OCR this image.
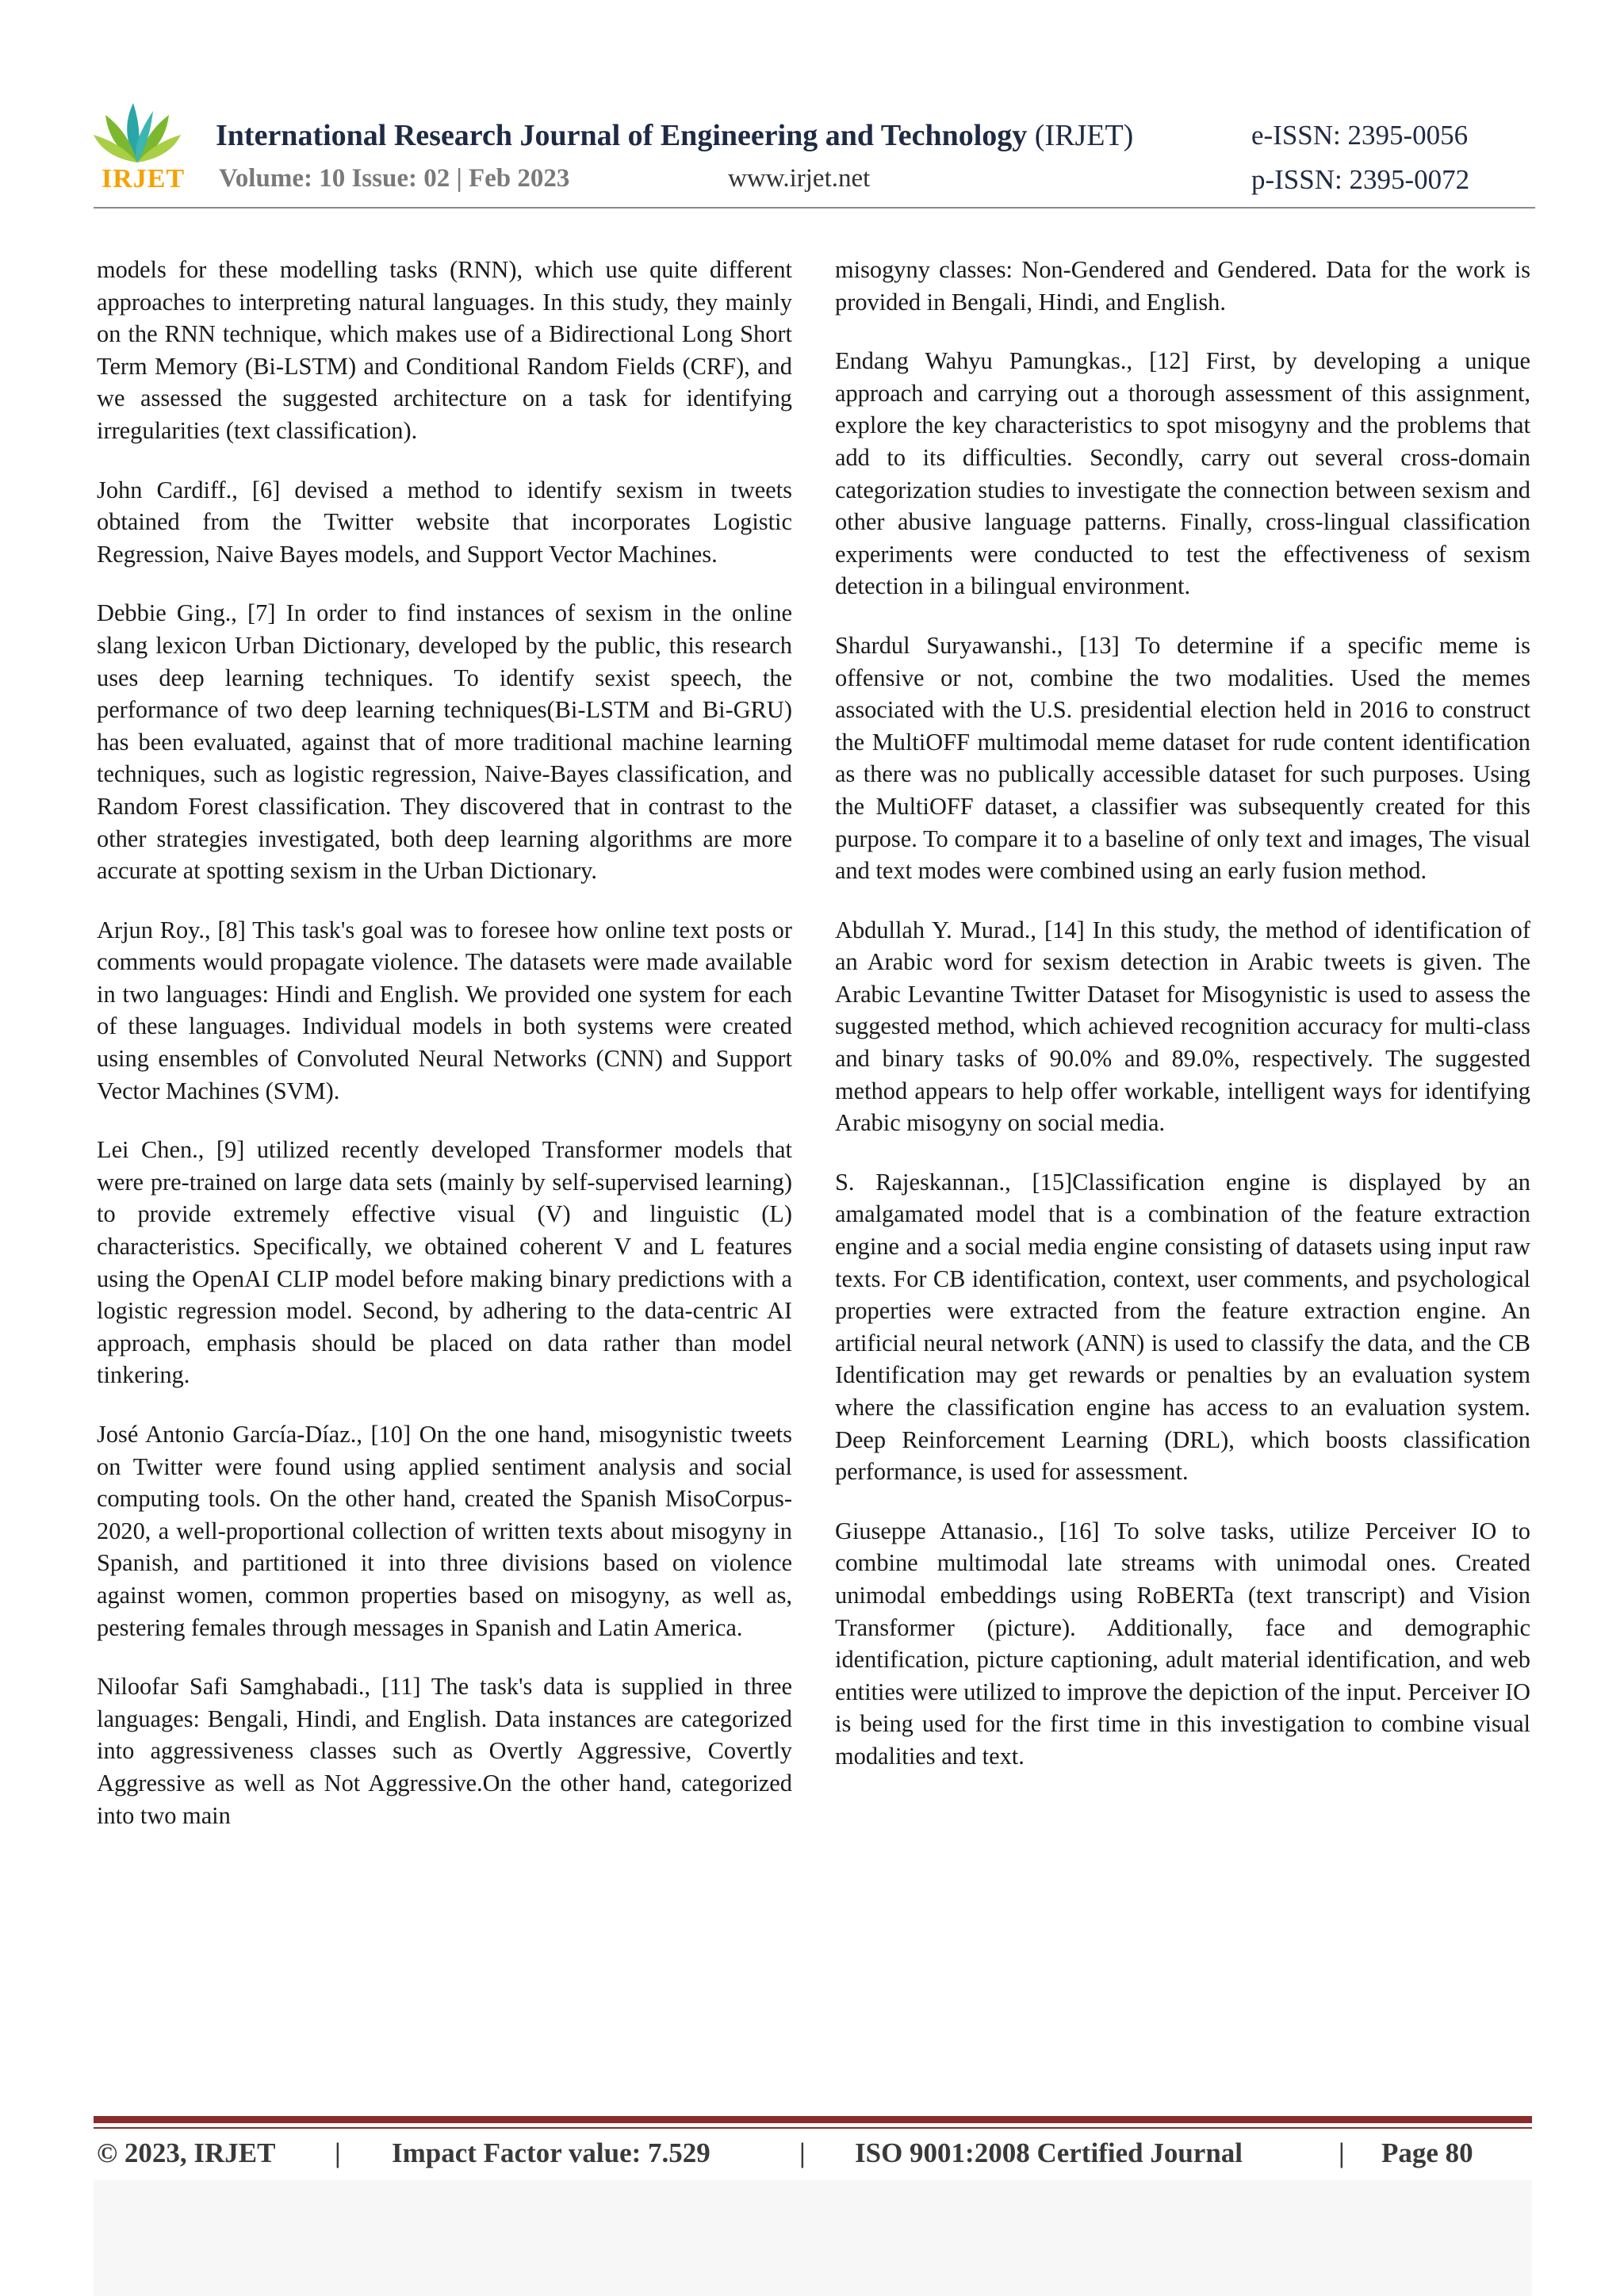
IRJET
International Research Journal of Engineering and Technology (IRJET)	e-ISSN: 2395-0056
Volume: 10 Issue: 02 | Feb 2023	www.irjet.net	p-ISSN: 2395-0072

models for these modelling tasks (RNN), which use quite different approaches to interpreting natural languages. In this study, they mainly on the RNN technique, which makes use of a Bidirectional Long Short Term Memory (Bi-LSTM) and Conditional Random Fields (CRF), and we assessed the suggested architecture on a task for identifying irregularities (text classification).

John Cardiff., [6] devised a method to identify sexism in tweets obtained from the Twitter website that incorporates Logistic Regression, Naive Bayes models, and Support Vector Machines.

Debbie Ging., [7] In order to find instances of sexism in the online slang lexicon Urban Dictionary, developed by the public, this research uses deep learning techniques. To identify sexist speech, the performance of two deep learning techniques(Bi-LSTM and Bi-GRU) has been evaluated, against that of more traditional machine learning techniques, such as logistic regression, Naive-Bayes classification, and Random Forest classification. They discovered that in contrast to the other strategies investigated, both deep learning algorithms are more accurate at spotting sexism in the Urban Dictionary.

Arjun Roy., [8] This task's goal was to foresee how online text posts or comments would propagate violence. The datasets were made available in two languages: Hindi and English. We provided one system for each of these languages. Individual models in both systems were created using ensembles of Convoluted Neural Networks (CNN) and Support Vector Machines (SVM).

Lei Chen., [9] utilized recently developed Transformer models that were pre-trained on large data sets (mainly by self-supervised learning) to provide extremely effective visual (V) and linguistic (L) characteristics. Specifically, we obtained coherent V and L features using the OpenAI CLIP model before making binary predictions with a logistic regression model. Second, by adhering to the data-centric AI approach, emphasis should be placed on data rather than model tinkering.

José Antonio García-Díaz., [10] On the one hand, misogynistic tweets on Twitter were found using applied sentiment analysis and social computing tools. On the other hand, created the Spanish MisoCorpus-2020, a well-proportional collection of written texts about misogyny in Spanish, and partitioned it into three divisions based on violence against women, common properties based on misogyny, as well as, pestering females through messages in Spanish and Latin America.

Niloofar Safi Samghabadi., [11] The task's data is supplied in three languages: Bengali, Hindi, and English. Data instances are categorized into aggressiveness classes such as Overtly Aggressive, Covertly Aggressive as well as Not Aggressive.On the other hand, categorized into two main

misogyny classes: Non-Gendered and Gendered. Data for the work is provided in Bengali, Hindi, and English.

Endang Wahyu Pamungkas., [12] First, by developing a unique approach and carrying out a thorough assessment of this assignment, explore the key characteristics to spot misogyny and the problems that add to its difficulties. Secondly, carry out several cross-domain categorization studies to investigate the connection between sexism and other abusive language patterns. Finally, cross-lingual classification experiments were conducted to test the effectiveness of sexism detection in a bilingual environment.

Shardul Suryawanshi., [13] To determine if a specific meme is offensive or not, combine the two modalities. Used the memes associated with the U.S. presidential election held in 2016 to construct the MultiOFF multimodal meme dataset for rude content identification as there was no publically accessible dataset for such purposes. Using the MultiOFF dataset, a classifier was subsequently created for this purpose. To compare it to a baseline of only text and images, The visual and text modes were combined using an early fusion method.

Abdullah Y. Murad., [14] In this study, the method of identification of an Arabic word for sexism detection in Arabic tweets is given. The Arabic Levantine Twitter Dataset for Misogynistic is used to assess the suggested method, which achieved recognition accuracy for multi-class and binary tasks of 90.0% and 89.0%, respectively. The suggested method appears to help offer workable, intelligent ways for identifying Arabic misogyny on social media.

S. Rajeskannan., [15]Classification engine is displayed by an amalgamated model that is a combination of the feature extraction engine and a social media engine consisting of datasets using input raw texts. For CB identification, context, user comments, and psychological properties were extracted from the feature extraction engine. An artificial neural network (ANN) is used to classify the data, and the CB Identification may get rewards or penalties by an evaluation system where the classification engine has access to an evaluation system. Deep Reinforcement Learning (DRL), which boosts classification performance, is used for assessment.

Giuseppe Attanasio., [16] To solve tasks, utilize Perceiver IO to combine multimodal late streams with unimodal ones. Created unimodal embeddings using RoBERTa (text transcript) and Vision Transformer (picture). Additionally, face and demographic identification, picture captioning, adult material identification, and web entities were utilized to improve the depiction of the input. Perceiver IO is being used for the first time in this investigation to combine visual modalities and text.

© 2023, IRJET | Impact Factor value: 7.529	| ISO 9001:2008 Certified Journal	| Page 80
